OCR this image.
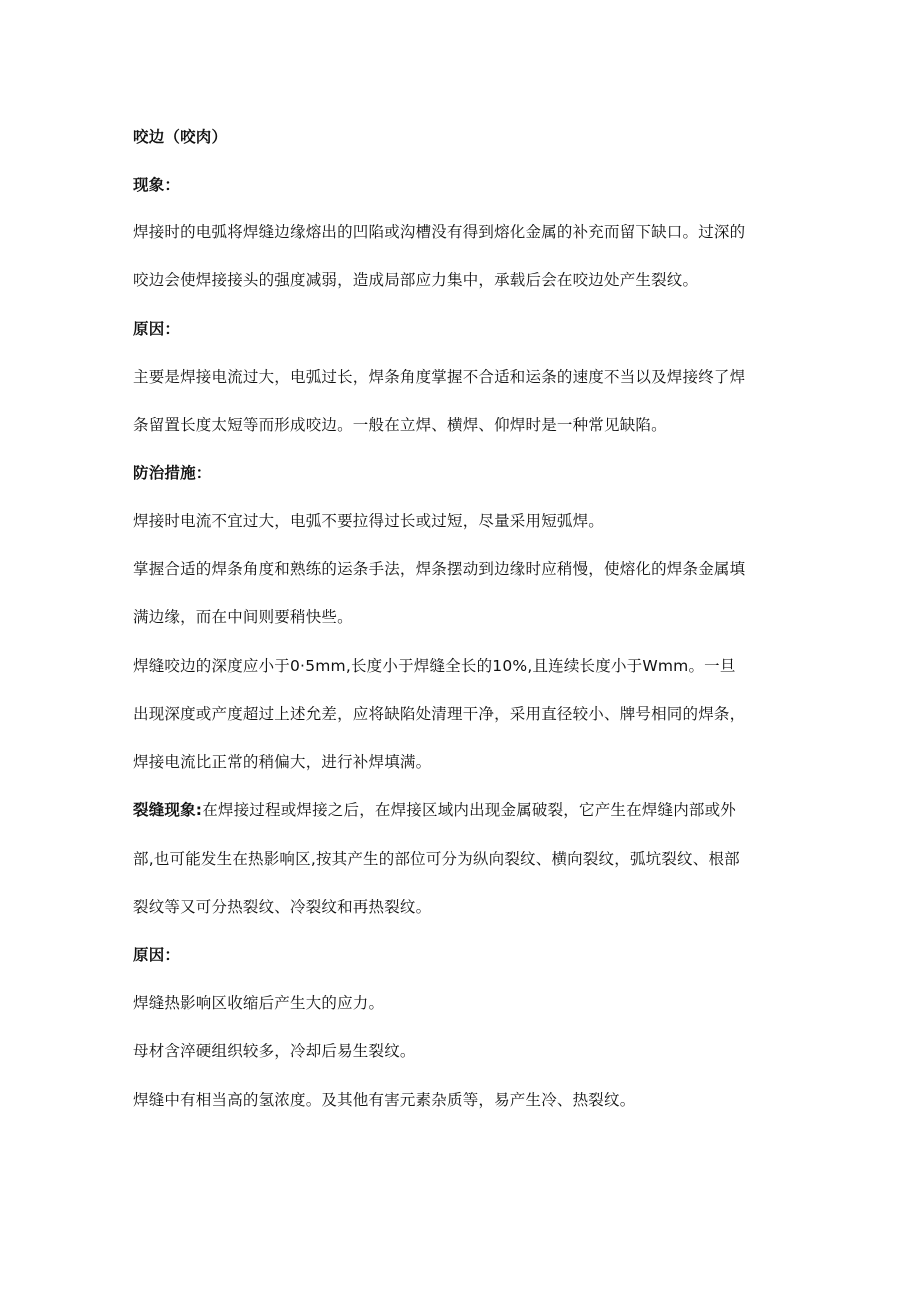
咬边（咬肉）
现象：
焊接时的电弧将焊缝边缘熔出的凹陷或沟槽没有得到熔化金属的补充而留下缺口。过深的
咬边会使焊接接头的强度减弱，造成局部应力集中，承载后会在咬边处产生裂纹。
原因：
主要是焊接电流过大，电弧过长，焊条角度掌握不合适和运条的速度不当以及焊接终了焊
条留置长度太短等而形成咬边。一般在立焊、横焊、仰焊时是一种常见缺陷。
防治措施：
焊接时电流不宜过大，电弧不要拉得过长或过短，尽量采用短弧焊。
掌握合适的焊条角度和熟练的运条手法，焊条摆动到边缘时应稍慢，使熔化的焊条金属填
满边缘，而在中间则要稍快些。
焊缝咬边的深度应小于0·5mm,长度小于焊缝全长的10%,且连续长度小于Wmm。一旦
出现深度或产度超过上述允差，应将缺陷处清理干净，采用直径较小、牌号相同的焊条，
焊接电流比正常的稍偏大，进行补焊填满。
裂缝现象:在焊接过程或焊接之后，在焊接区域内出现金属破裂，它产生在焊缝内部或外
部,也可能发生在热影响区,按其产生的部位可分为纵向裂纹、横向裂纹，弧坑裂纹、根部
裂纹等又可分热裂纹、冷裂纹和再热裂纹。
原因：
焊缝热影响区收缩后产生大的应力。
母材含淬硬组织较多，冷却后易生裂纹。
焊缝中有相当高的氢浓度。及其他有害元素杂质等，易产生冷、热裂纹。
